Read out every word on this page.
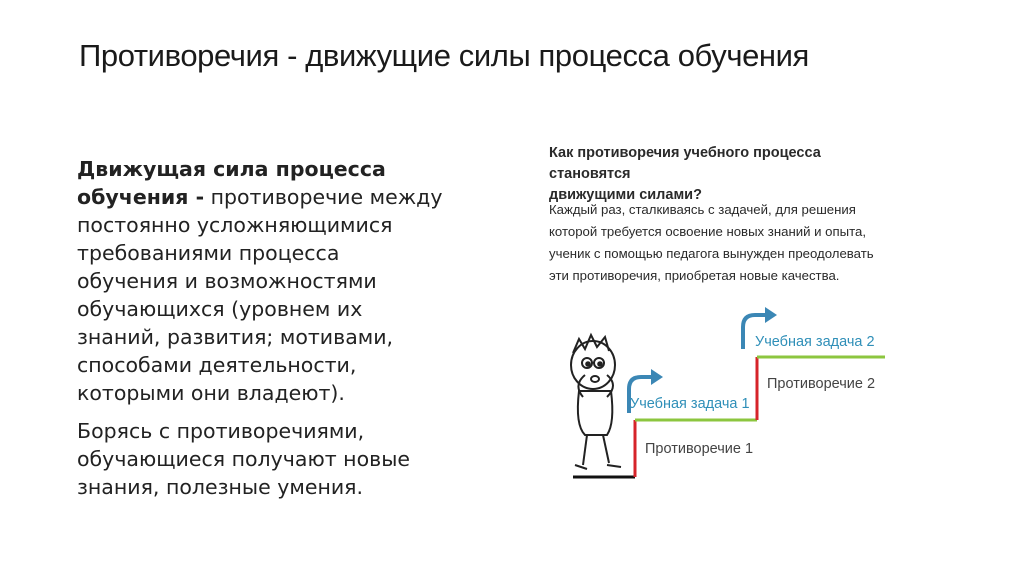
Противоречия - движущие силы процесса обучения

Движущая сила процесса
обучения - противоречие между
постоянно усложняющимися
требованиями процесса
обучения и возможностями
обучающихся (уровнем их
знаний, развития; мотивами,
способами деятельности,
которыми они владеют).

Борясь с противоречиями,
обучающиеся получают новые
знания, полезные умения.

Как противоречия учебного процесса становятся
движущими силами?
Каждый раз, сталкиваясь с задачей, для решения
которой требуется освоение новых знаний и опыта,
ученик с помощью педагога вынужден преодолевать
эти противоречия, приобретая новые качества.
Учебная задача 1
Противоречие 1
Учебная задача 2
Противоречие 2
